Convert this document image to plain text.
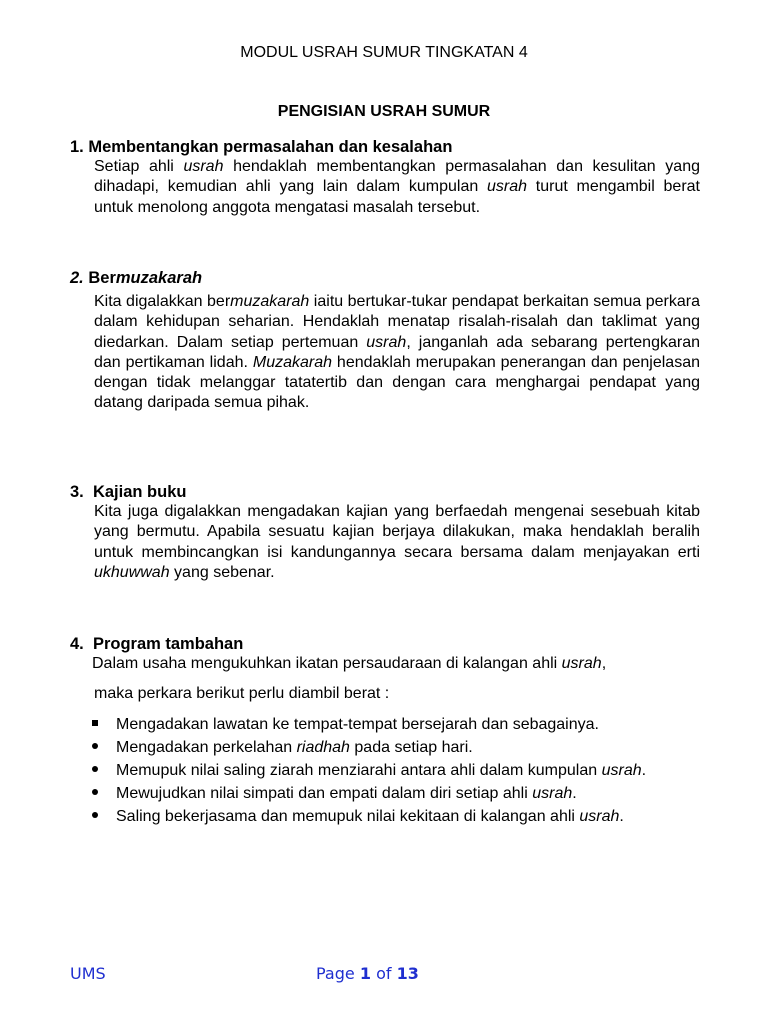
MODUL USRAH SUMUR TINGKATAN 4
PENGISIAN USRAH SUMUR
1. Membentangkan permasalahan dan kesalahan
Setiap ahli usrah hendaklah membentangkan permasalahan dan kesulitan yang dihadapi, kemudian ahli yang lain dalam kumpulan usrah turut mengambil berat untuk menolong anggota mengatasi masalah tersebut.
2. Bermuzakarah
Kita digalakkan bermuzakarah iaitu bertukar-tukar pendapat berkaitan semua perkara dalam kehidupan seharian. Hendaklah menatap risalah-risalah dan taklimat yang diedarkan. Dalam setiap pertemuan usrah, janganlah ada sebarang pertengkaran dan pertikaman lidah. Muzakarah hendaklah merupakan penerangan dan penjelasan dengan tidak melanggar tatatertib dan dengan cara menghargai pendapat yang datang daripada semua pihak.
3. Kajian buku
Kita juga digalakkan mengadakan kajian yang berfaedah mengenai sesebuah kitab yang bermutu. Apabila sesuatu kajian berjaya dilakukan, maka hendaklah beralih untuk membincangkan isi kandungannya secara bersama dalam menjayakan erti ukhuwwah yang sebenar.
4. Program tambahan
Dalam usaha mengukuhkan ikatan persaudaraan di kalangan ahli usrah,
maka perkara berikut perlu diambil berat :
Mengadakan lawatan ke tempat-tempat bersejarah dan sebagainya.
Mengadakan perkelahan riadhah pada setiap hari.
Memupuk nilai saling ziarah menziarahi antara ahli dalam kumpulan usrah.
Mewujudkan nilai simpati dan empati dalam diri setiap ahli usrah.
Saling bekerjasama dan memupuk nilai kekitaan di kalangan ahli usrah.
UMS	Page 1 of 13
